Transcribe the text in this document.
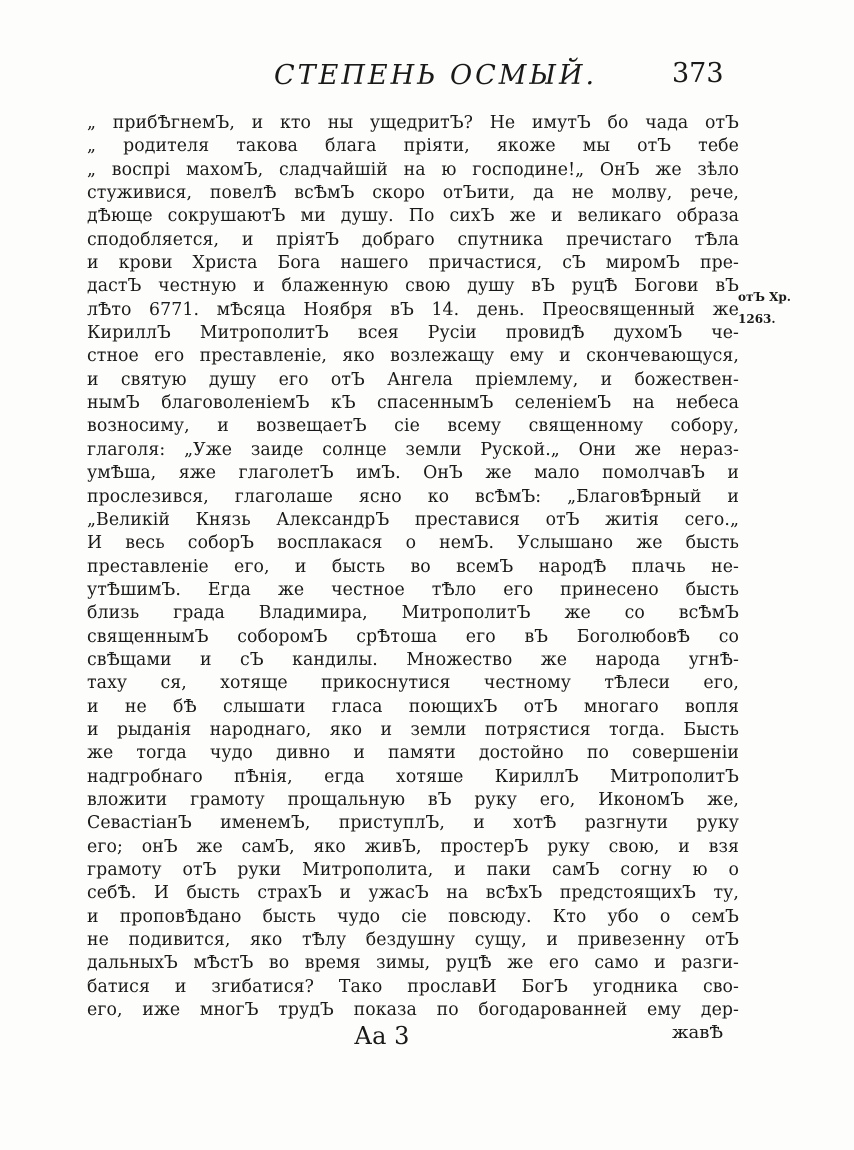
СТЕПЕНЬ ОСМЫЙ.	373
„ прибѢгнемЪ, и кто ны ущедритЪ? Не имутЪ бо чада отЪ
„ родителя такова блага пріяти, якоже мы отЪ тебе
„ воспрі махомЪ, сладчайшій на ю господине!„ ОнЪ же зѣло
стуживися, повелѢ всѢмЪ скоро отЪити, да не молву, рече,
дѢюще сокрушаютЪ ми душу. По сихЪ же и великаго образа
сподобляется, и пріятЪ добраго спутника пречистаго тѢла
и крови Христа Бога нашего причастися, сЪ миромЪ пре-
дастЪ честную и блаженную свою душу вЪ руцѢ Богови вЪ
лѢто 6771. мѢсяца Ноября вЪ 14. день. Преосвященный же
КириллЪ МитрополитЪ всея Русіи провидѢ духомЪ че-
стное его преставленіе, яко возлежащу ему и скончевающуся,
и святую душу его отЪ Ангела пріемлему, и божествен-
нымЪ благоволеніемЪ кЪ спасеннымЪ селеніемЪ на небеса
возносиму, и возвещаетЪ сіе всему священному собору,
глаголя: „Уже заиде солнце земли Руской.„ Они же нераз-
умѢша, яже глаголетЪ имЪ. ОнЪ же мало помолчавЪ и
прослезився, глаголаше ясно ко всѢмЪ: „БлаговѢрный и
„Великій Князь АлександрЪ преставися отЪ житія сего.„
И весь соборЪ восплакася о немЪ. Услышано же бысть
преставленіе его, и бысть во всемЪ народѢ плачь не-
утѢшимЪ. Егда же честное тѢло его принесено бысть
близь града Владимира, МитрополитЪ же со всѢмЪ
священнымЪ соборомЪ срѢтоша его вЪ БоголюбовѢ со
свѢщами и сЪ кандилы. Множество же народа угнѢ-
таху ся, хотяще прикоснутися честному тѢлеси его,
и не бѢ слышати гласа поющихЪ отЪ многаго вопля
и рыданія народнаго, яко и земли потрястися тогда. Бысть
же тогда чудо дивно и памяти достойно по совершеніи
надгробнаго пѢнія, егда хотяше КириллЪ МитрополитЪ
вложити грамоту прощальную вЪ руку его, ИкономЪ же,
СевастіанЪ именемЪ, приступлЪ, и хотѢ разгнути руку
его; онЪ же самЪ, яко живЪ, простерЪ руку свою, и взя
грамоту отЪ руки Митрополита, и паки самЪ согну ю о
себѢ. И бысть страхЪ и ужасЪ на всѢхЪ предстоящихЪ ту,
и проповѢдано бысть чудо сіе повсюду. Кто убо о семЪ
не подивится, яко тѢлу бездушну сущу, и привезенну отЪ
дальныхЪ мѢстЪ во время зимы, руцѢ же его само и разги-
батися и згибатися? Тако прославИ БогЪ угодника сво-
его, иже многЪ трудЪ показа по богодарованней ему дер-
отЪ Хр.
1263.
Аа 3	жавѢ
